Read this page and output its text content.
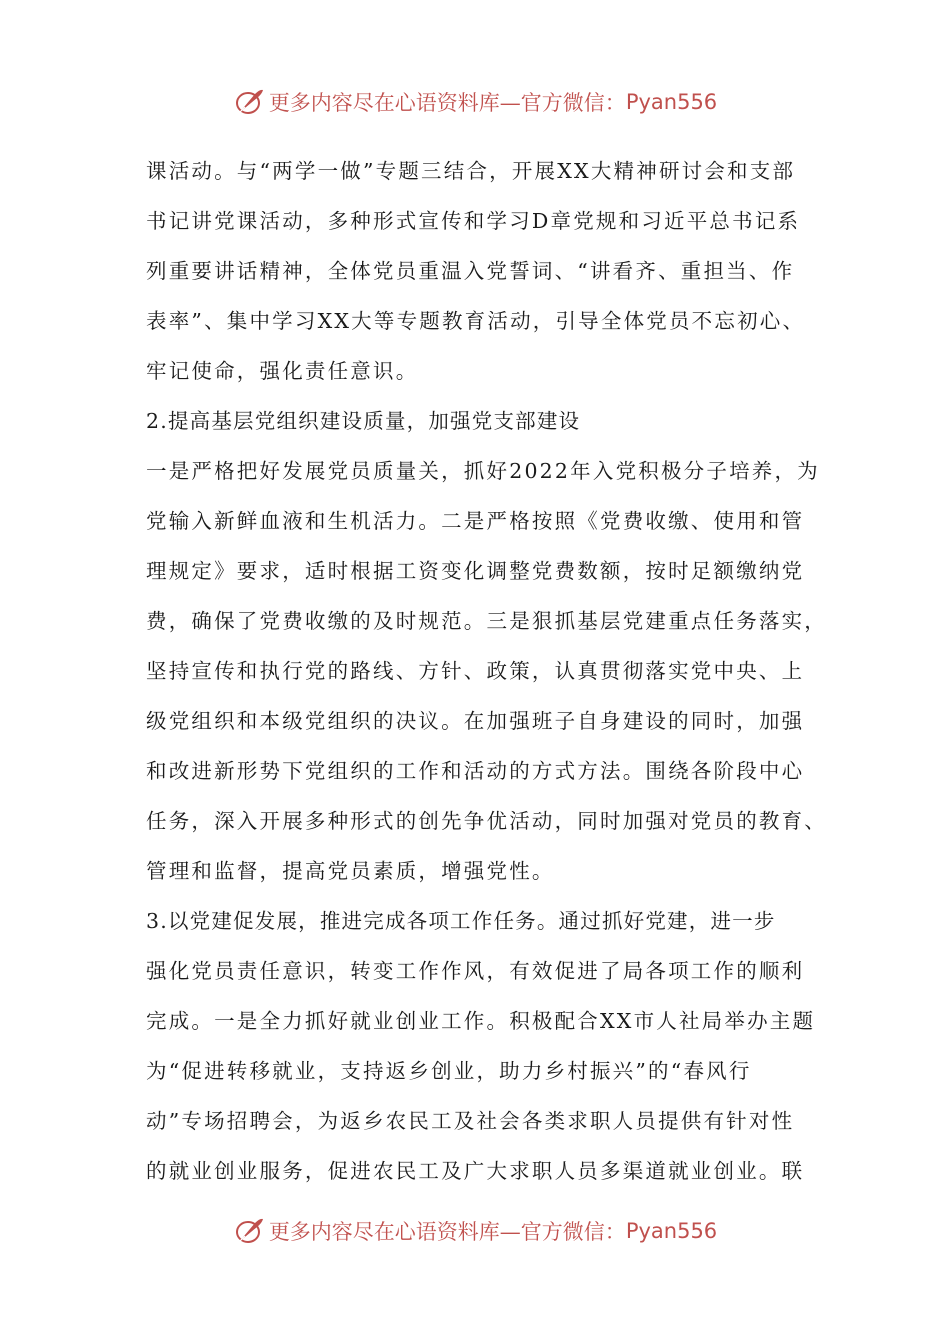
更多内容尽在心语资料库—官方微信： Pyan556
课活动。与“两学一做”专题三结合，开展XX大精神研讨会和支部
书记讲党课活动，多种形式宣传和学习D章党规和习近平总书记系
列重要讲话精神，全体党员重温入党誓词、“讲看齐、重担当、作
表率”、集中学习XX大等专题教育活动，引导全体党员不忘初心、
牢记使命，强化责任意识。
2.提高基层党组织建设质量，加强党支部建设
一是严格把好发展党员质量关，抓好2022年入党积极分子培养，为
党输入新鲜血液和生机活力。二是严格按照《党费收缴、使用和管
理规定》要求，适时根据工资变化调整党费数额，按时足额缴纳党
费，确保了党费收缴的及时规范。三是狠抓基层党建重点任务落实，
坚持宣传和执行党的路线、方针、政策，认真贯彻落实党中央、上
级党组织和本级党组织的决议。在加强班子自身建设的同时，加强
和改进新形势下党组织的工作和活动的方式方法。围绕各阶段中心
任务，深入开展多种形式的创先争优活动，同时加强对党员的教育、
管理和监督，提高党员素质，增强党性。
3.以党建促发展，推进完成各项工作任务。通过抓好党建，进一步
强化党员责任意识，转变工作作风，有效促进了局各项工作的顺利
完成。一是全力抓好就业创业工作。积极配合XX市人社局举办主题
为“促进转移就业，支持返乡创业，助力乡村振兴”的“春风行
动”专场招聘会，为返乡农民工及社会各类求职人员提供有针对性
的就业创业服务，促进农民工及广大求职人员多渠道就业创业。联
更多内容尽在心语资料库—官方微信： Pyan556
